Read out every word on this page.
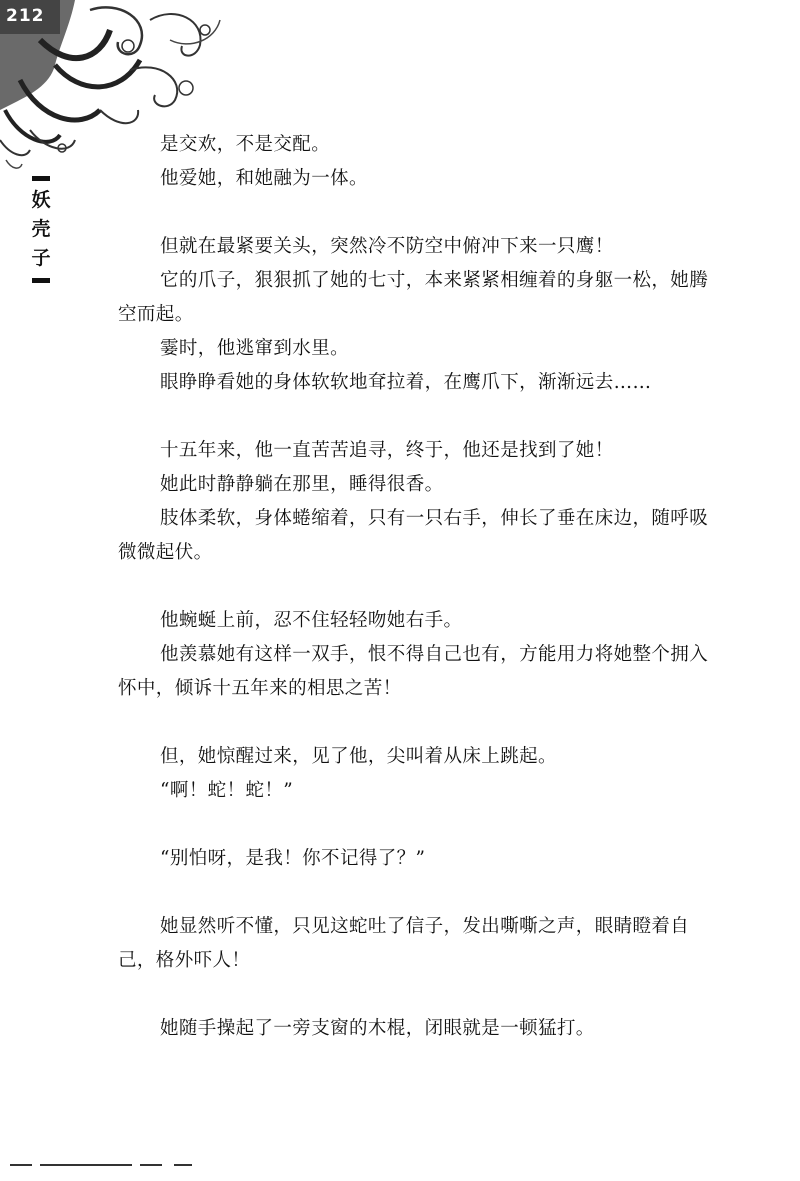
212
妖
壳
子

是交欢，不是交配。

他爱她，和她融为一体。

但就在最紧要关头，突然冷不防空中俯冲下来一只鹰！

它的爪子，狠狠抓了她的七寸，本来紧紧相缠着的身躯一松，她腾空而起。

霎时，他逃窜到水里。

眼睁睁看她的身体软软地耷拉着，在鹰爪下，渐渐远去……

十五年来，他一直苦苦追寻，终于，他还是找到了她！

她此时静静躺在那里，睡得很香。

肢体柔软，身体蜷缩着，只有一只右手，伸长了垂在床边，随呼吸微微起伏。

他蜿蜒上前，忍不住轻轻吻她右手。

他羡慕她有这样一双手，恨不得自己也有，方能用力将她整个拥入怀中，倾诉十五年来的相思之苦！

但，她惊醒过来，见了他，尖叫着从床上跳起。

“啊！蛇！蛇！”

“别怕呀，是我！你不记得了？”

她显然听不懂，只见这蛇吐了信子，发出嘶嘶之声，眼睛瞪着自己，格外吓人！

她随手操起了一旁支窗的木棍，闭眼就是一顿猛打。
